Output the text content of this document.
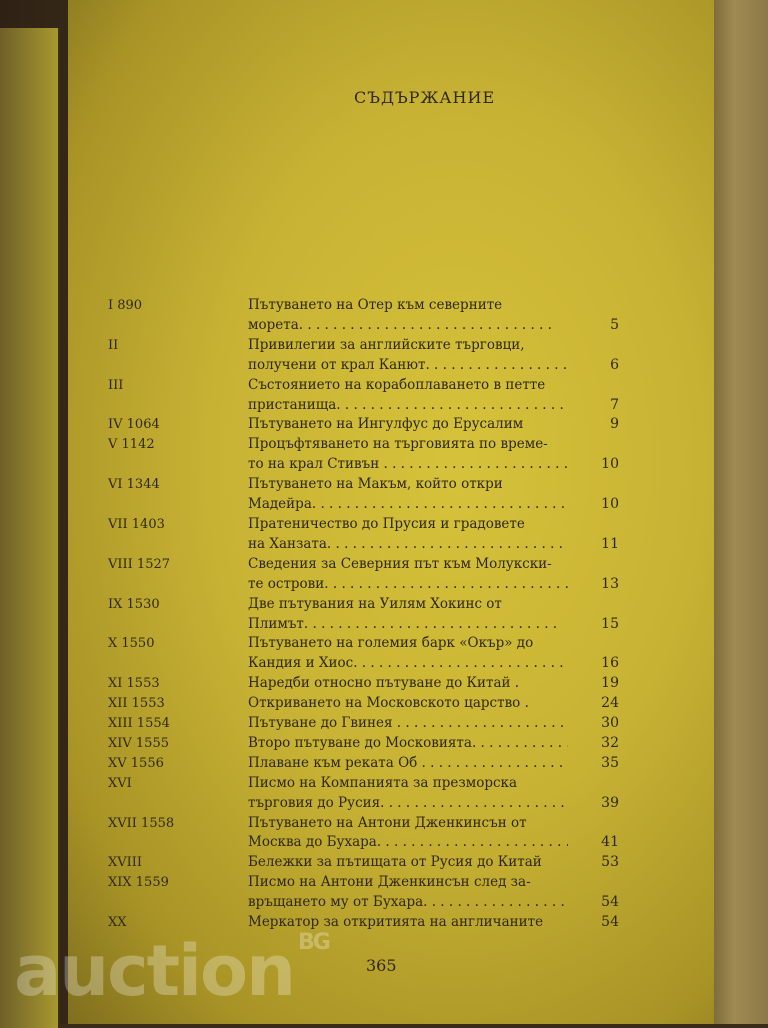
СЪДЪРЖАНИЕ
I 890	Пътуването на Отер към северните
морета. . . .	5
II	Привилегии за английските търговци,
получени от крал Канют. . . .	6
III	Състоянието на корабоплаването в петте
пристанища. . . .	7
IV 1064	Пътуването на Ингулфус до Ерусалим	9
V 1142	Процъфтяването на търговията по време-
то на крал Стивън . . .	10
VI 1344	Пътуването на Макъм, който откри
Мадейра. . . .	10
VII 1403	Пратеничество до Прусия и градовете
на Ханзата. . . .	11
VIII 1527	Сведения за Северния път към Молукски-
те острови. . . .	13
IX 1530	Две пътувания на Уилям Хокинс от
Плимът. . . .	15
X 1550	Пътуването на големия барк «Окър» до
Кандия и Хиос. . . .	16
XI 1553	Наредби относно пътуване до Китай .	19
XII 1553	Откриването на Московското царство .	24
XIII 1554	Пътуване до Гвинея . . .	30
XIV 1555	Второ пътуване до Московията. . . .	32
XV 1556	Плаване към реката Об . . .	35
XVI	Писмо на Компанията за презморска
търговия до Русия. . . .	39
XVII 1558	Пътуването на Антони Дженкинсън от
Москва до Бухара. . . .	41
XVIII	Бележки за пътищата от Русия до Китай	53
XIX 1559	Писмо на Антони Дженкинсън след за-
връщането му от Бухара. . . .	54
XX	Меркатор за откритията на англичаните	54
365
auction $^{BG}$
